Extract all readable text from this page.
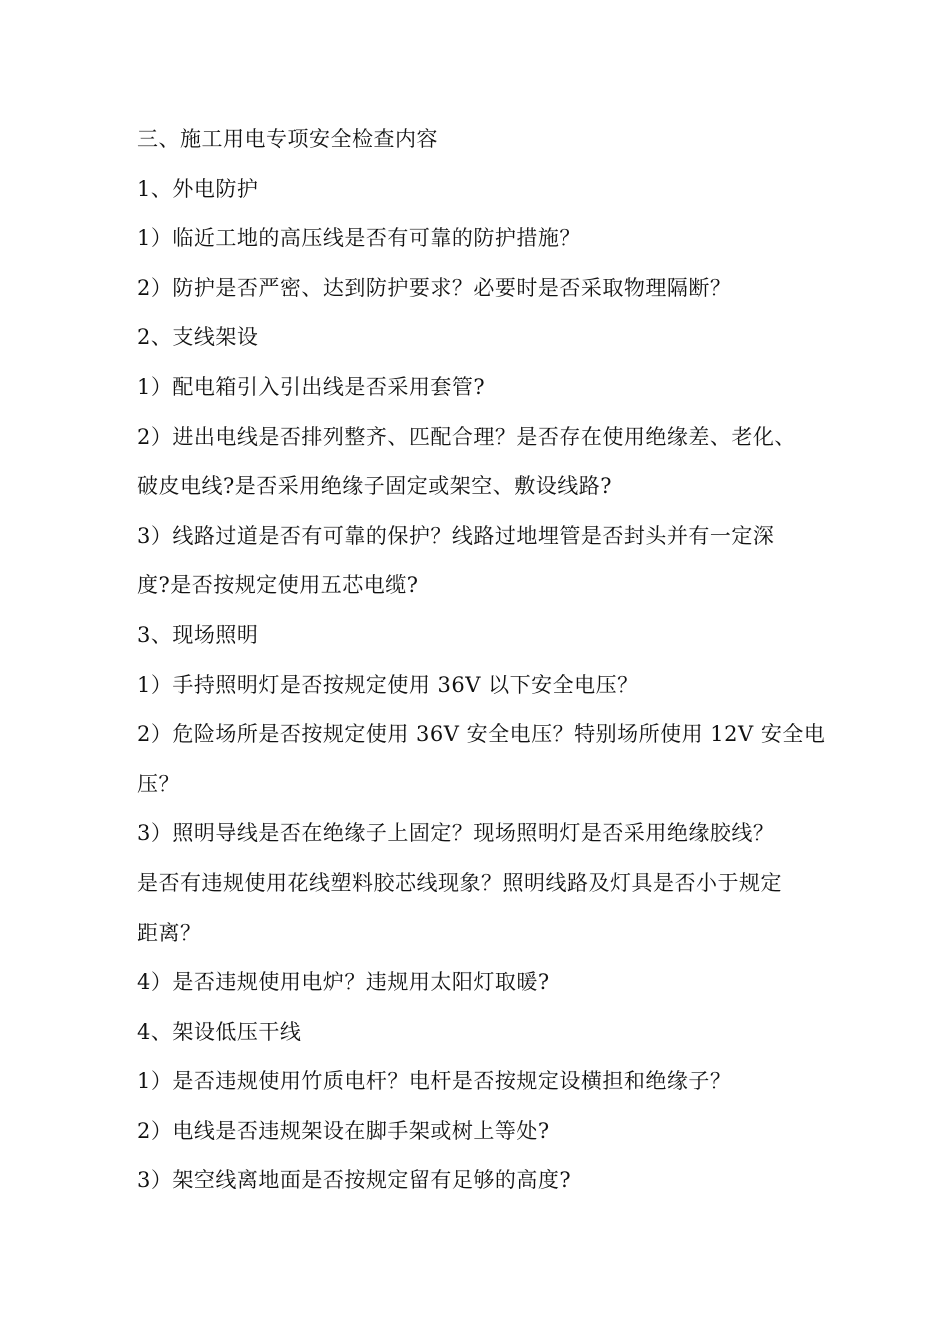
三、施工用电专项安全检查内容
1、外电防护
1）临近工地的高压线是否有可靠的防护措施？
2）防护是否严密、达到防护要求？必要时是否采取物理隔断？
2、支线架设
1）配电箱引入引出线是否采用套管?
2）进出电线是否排列整齐、匹配合理？是否存在使用绝缘差、老化、
破皮电线?是否采用绝缘子固定或架空、敷设线路?
3）线路过道是否有可靠的保护？线路过地埋管是否封头并有一定深
度?是否按规定使用五芯电缆?
3、现场照明
1）手持照明灯是否按规定使用 36V 以下安全电压？
2）危险场所是否按规定使用 36V 安全电压？特别场所使用 12V 安全电
压？
3）照明导线是否在绝缘子上固定？现场照明灯是否采用绝缘胶线？
是否有违规使用花线塑料胶芯线现象？照明线路及灯具是否小于规定
距离？
4）是否违规使用电炉？违规用太阳灯取暖?
4、架设低压干线
1）是否违规使用竹质电杆？电杆是否按规定设横担和绝缘子？
2）电线是否违规架设在脚手架或树上等处?
3）架空线离地面是否按规定留有足够的高度?
